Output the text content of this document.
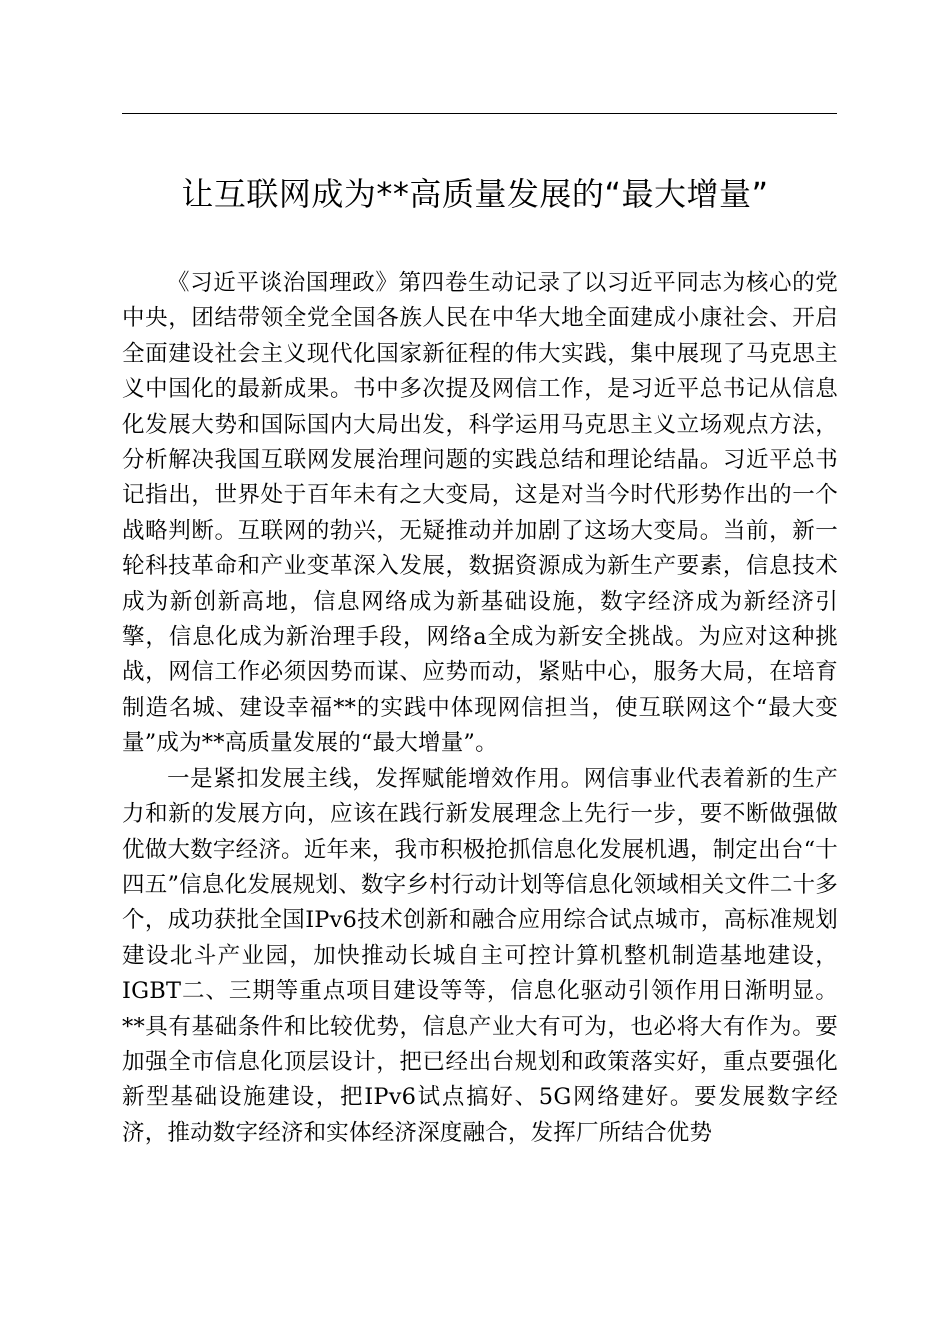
让互联网成为**高质量发展的“最大增量”

《习近平谈治国理政》第四卷生动记录了以习近平同志为核心的党中央，团结带领全党全国各族人民在中华大地全面建成小康社会、开启全面建设社会主义现代化国家新征程的伟大实践，集中展现了马克思主义中国化的最新成果。书中多次提及网信工作，是习近平总书记从信息化发展大势和国际国内大局出发，科学运用马克思主义立场观点方法，分析解决我国互联网发展治理问题的实践总结和理论结晶。习近平总书记指出，世界处于百年未有之大变局，这是对当今时代形势作出的一个战略判断。互联网的勃兴，无疑推动并加剧了这场大变局。当前，新一轮科技革命和产业变革深入发展，数据资源成为新生产要素，信息技术成为新创新高地，信息网络成为新基础设施，数字经济成为新经济引擎，信息化成为新治理手段，网络a全成为新安全挑战。为应对这种挑战，网信工作必须因势而谋、应势而动，紧贴中心，服务大局，在培育制造名城、建设幸福**的实践中体现网信担当，使互联网这个“最大变量”成为**高质量发展的“最大增量”。

一是紧扣发展主线，发挥赋能增效作用。网信事业代表着新的生产力和新的发展方向，应该在践行新发展理念上先行一步，要不断做强做优做大数字经济。近年来，我市积极抢抓信息化发展机遇，制定出台“十四五”信息化发展规划、数字乡村行动计划等信息化领域相关文件二十多个，成功获批全国IPv6技术创新和融合应用综合试点城市，高标准规划建设北斗产业园，加快推动长城自主可控计算机整机制造基地建设，IGBT二、三期等重点项目建设等等，信息化驱动引领作用日渐明显。**具有基础条件和比较优势，信息产业大有可为，也必将大有作为。要加强全市信息化顶层设计，把已经出台规划和政策落实好，重点要强化新型基础设施建设，把IPv6试点搞好、5G网络建好。要发展数字经济，推动数字经济和实体经济深度融合，发挥厂所结合优势
